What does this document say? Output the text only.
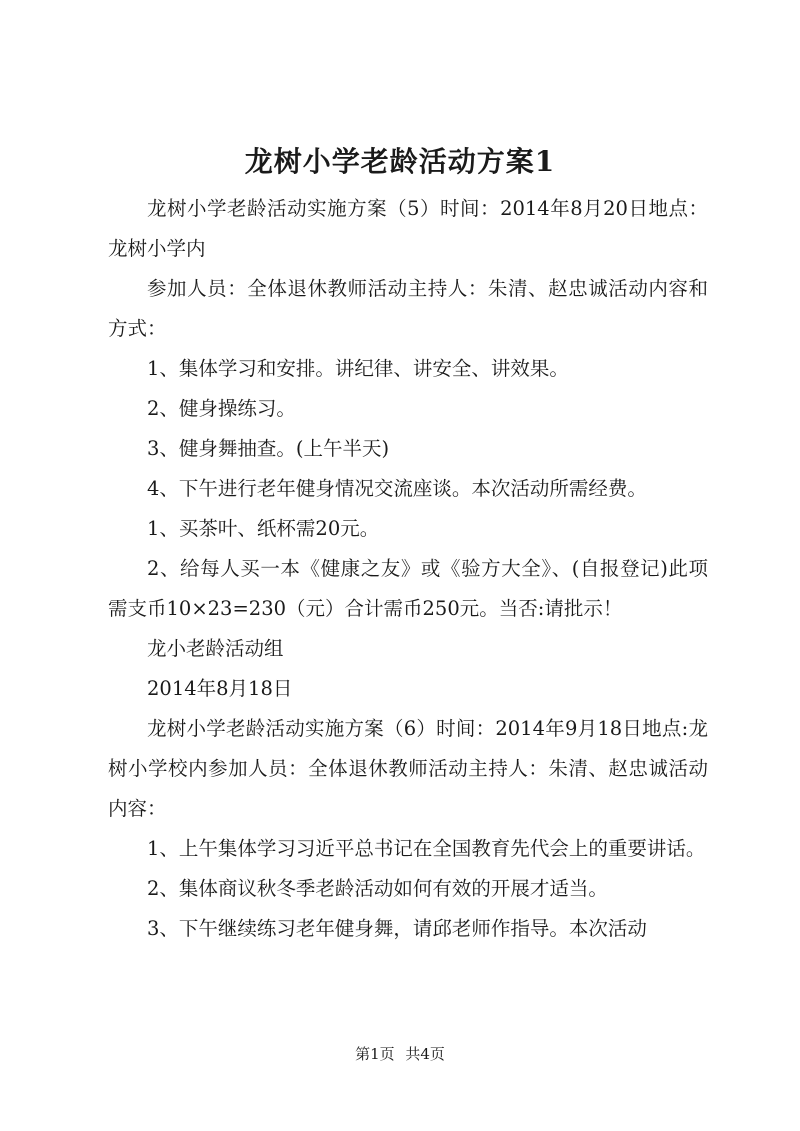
龙树小学老龄活动方案1

龙树小学老龄活动实施方案（5）时间：2014年8月20日地点：龙树小学内

参加人员：全体退休教师活动主持人：朱清、赵忠诚活动内容和方式：

1、集体学习和安排。讲纪律、讲安全、讲效果。

2、健身操练习。

3、健身舞抽查。(上午半天)

4、下午进行老年健身情况交流座谈。本次活动所需经费。

1、买茶叶、纸杯需20元。

2、给每人买一本《健康之友》或《验方大全》、(自报登记)此项需支币10×23=230（元）合计需币250元。当否:请批示！

龙小老龄活动组

2014年8月18日

龙树小学老龄活动实施方案（6）时间：2014年9月18日地点:龙树小学校内参加人员：全体退休教师活动主持人：朱清、赵忠诚活动内容：

1、上午集体学习习近平总书记在全国教育先代会上的重要讲话。

2、集体商议秋冬季老龄活动如何有效的开展才适当。

3、下午继续练习老年健身舞，请邱老师作指导。本次活动

第1页 共4页
